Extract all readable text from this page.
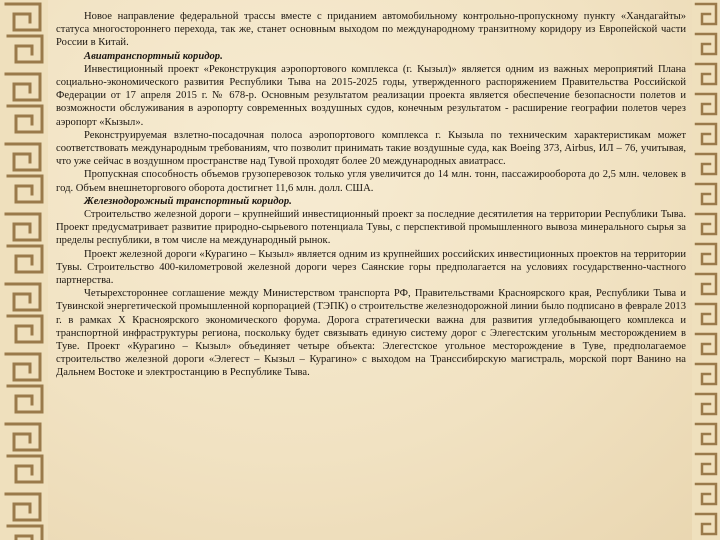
Новое направление федеральной трассы вместе с приданием автомобильному контрольно-пропускному пункту «Хандагайты» статуса многостороннего перехода, так же, станет основным выходом по международному транзитному коридору из Европейской части России в Китай.

Авиатранспортный коридор.

Инвестиционный проект «Реконструкция аэропортового комплекса (г. Кызыл)» является одним из важных мероприятий Плана социально-экономического развития Республики Тыва на 2015-2025 годы, утвержденного распоряжением Правительства Российской Федерации от 17 апреля 2015 г. № 678-р. Основным результатом реализации проекта является обеспечение безопасности полетов и возможности обслуживания в аэропорту современных воздушных судов, конечным результатом - расширение географии полетов через аэропорт «Кызыл».

Реконструируемая взлетно-посадочная полоса аэропортового комплекса г. Кызыла по техническим характеристикам может соответствовать международным требованиям, что позволит принимать такие воздушные суда, как Boeing 373, Airbus, ИЛ – 76, учитывая, что уже сейчас в воздушном пространстве над Тувой проходят более 20 международных авиатрасс.

Пропускная способность объемов грузоперевозок только угля увеличится до 14 млн. тонн, пассажирооборота до 2,5 млн. человек в год. Объем внешнеторгового оборота достигнет 11,6 млн. долл. США.

Железнодорожный транспортный коридор.

Строительство железной дороги – крупнейший инвестиционный проект за последние десятилетия на территории Республики Тыва. Проект предусматривает развитие природно-сырьевого потенциала Тувы, с перспективой промышленного вывоза минерального сырья за пределы республики, в том числе на международный рынок.

Проект железной дороги «Курагино – Кызыл» является одним из крупнейших российских инвестиционных проектов на территории Тувы. Строительство 400-километровой железной дороги через Саянские горы предполагается на условиях государственно-частного партнерства.

Четырехстороннее соглашение между Министерством транспорта РФ, Правительствами Красноярского края, Республики Тыва и Тувинской энергетической промышленной корпорацией (ТЭПК) о строительстве железнодорожной линии было подписано в феврале 2013 г. в рамках X Красноярского экономического форума. Дорога стратегически важна для развития угледобывающего комплекса и транспортной инфраструктуры региона, поскольку будет связывать единую систему дорог с Элегестским угольным месторождением в Туве. Проект «Курагино – Кызыл» объединяет четыре объекта: Элегестское угольное месторождение в Туве, предполагаемое строительство железной дороги «Элегест – Кызыл – Курагино» с выходом на Транссибирскую магистраль, морской порт Ванино на Дальнем Востоке и электростанцию в Республике Тыва.
